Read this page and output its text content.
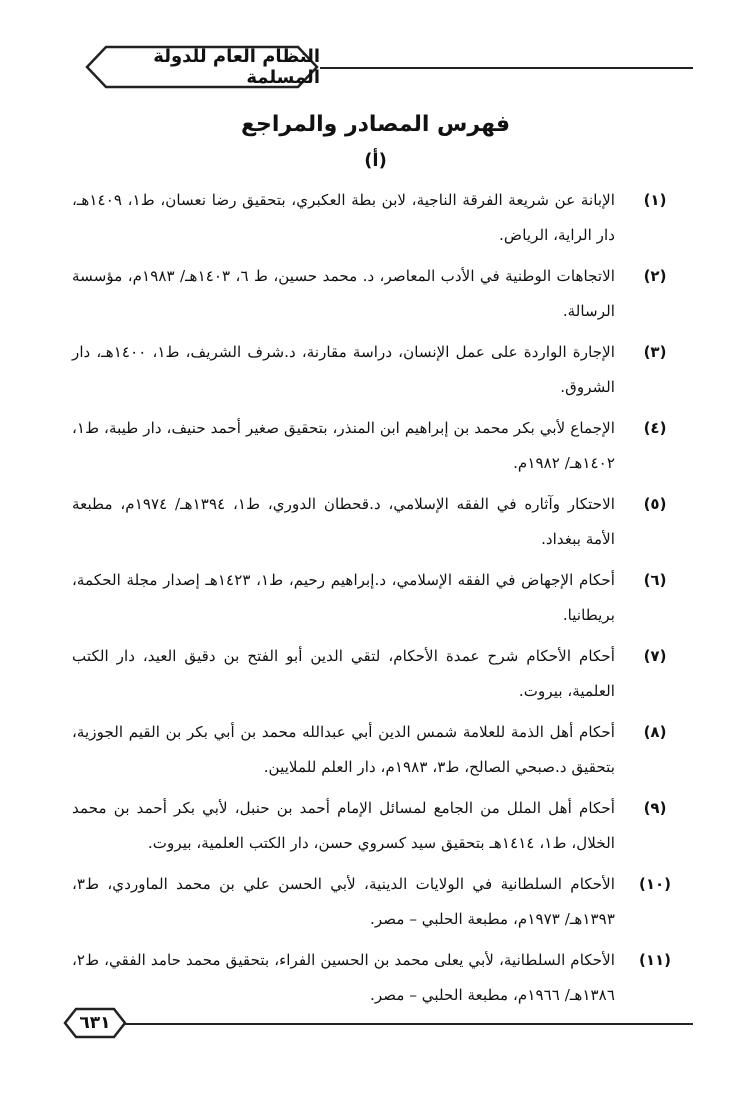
النظام العام للدولة المسلمة
فهرس المصادر والمراجع
(أ)
(١)
الإبانة عن شريعة الفرقة الناجية، لابن بطة العكبري، بتحقيق رضا نعسان، ط١، ١٤٠٩هـ، دار الراية، الرياض.
(٢)
الاتجاهات الوطنية في الأدب المعاصر، د. محمد حسين، ط ٦، ١٤٠٣هـ/ ١٩٨٣م، مؤسسة الرسالة.
(٣)
الإجارة الواردة على عمل الإنسان، دراسة مقارنة، د.شرف الشريف، ط١، ١٤٠٠هـ، دار الشروق.
(٤)
الإجماع لأبي بكر محمد بن إبراهيم ابن المنذر، بتحقيق صغير أحمد حنيف، دار طيبة، ط١، ١٤٠٢هـ/ ١٩٨٢م.
(٥)
الاحتكار وآثاره في الفقه الإسلامي، د.قحطان الدوري، ط١، ١٣٩٤هـ/ ١٩٧٤م، مطبعة الأمة ببغداد.
(٦)
أحكام الإجهاض في الفقه الإسلامي، د.إبراهيم رحيم، ط١، ١٤٢٣هـ إصدار مجلة الحكمة، بريطانيا.
(٧)
أحكام الأحكام شرح عمدة الأحكام، لتقي الدين أبو الفتح بن دقيق العيد، دار الكتب العلمية، بيروت.
(٨)
أحكام أهل الذمة للعلامة شمس الدين أبي عبدالله محمد بن أبي بكر بن القيم الجوزية، بتحقيق د.صبحي الصالح، ط٣، ١٩٨٣م، دار العلم للملايين.
(٩)
أحكام أهل الملل من الجامع لمسائل الإمام أحمد بن حنبل، لأبي بكر أحمد بن محمد الخلال، ط١، ١٤١٤هـ بتحقيق سيد كسروي حسن، دار الكتب العلمية، بيروت.
(١٠)
الأحكام السلطانية في الولايات الدينية، لأبي الحسن علي بن محمد الماوردي، ط٣، ١٣٩٣هـ/ ١٩٧٣م، مطبعة الحلبي – مصر.
(١١)
الأحكام السلطانية، لأبي يعلى محمد بن الحسين الفراء، بتحقيق محمد حامد الفقي، ط٢، ١٣٨٦هـ/ ١٩٦٦م، مطبعة الحلبي – مصر.
٦٣١
